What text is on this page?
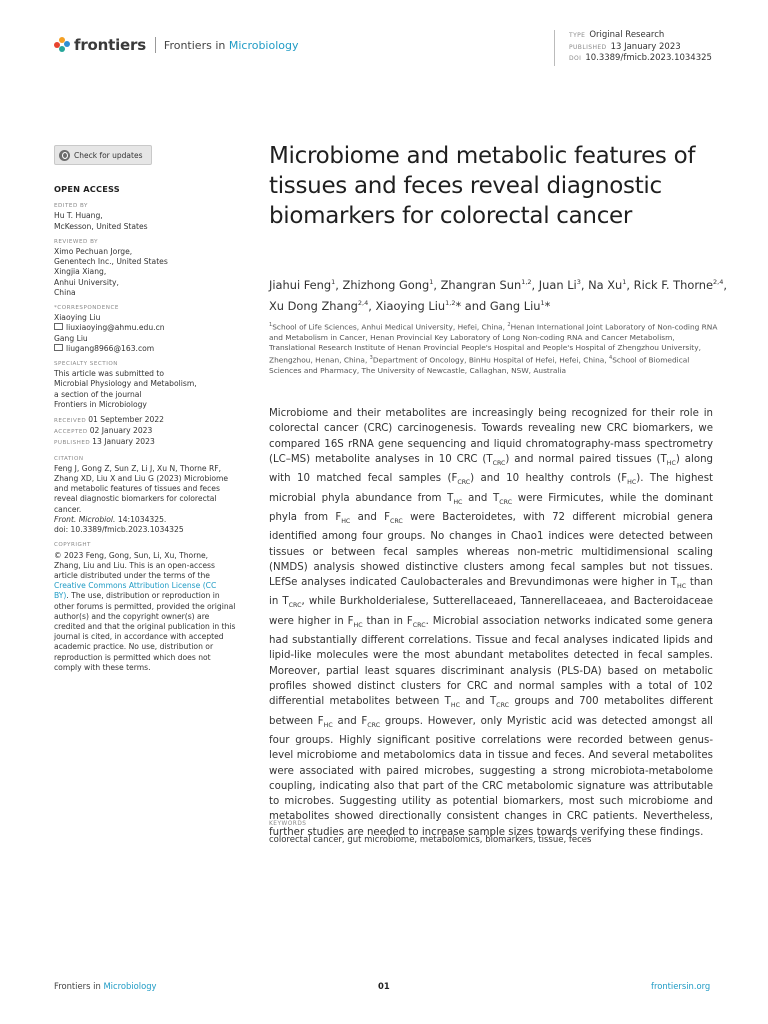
frontiers Frontiers in Microbiology
TYPE Original Research
PUBLISHED 13 January 2023
DOI 10.3389/fmicb.2023.1034325
Check for updates
OPEN ACCESS
EDITED BY
Hu T. Huang,
McKesson, United States
REVIEWED BY
Ximo Pechuan Jorge,
Genentech Inc., United States
Xingjia Xiang,
Anhui University,
China
*CORRESPONDENCE
Xiaoying Liu
liuxiaoying@ahmu.edu.cn
Gang Liu
liugang8966@163.com
SPECIALTY SECTION
This article was submitted to
Microbial Physiology and Metabolism,
a section of the journal
Frontiers in Microbiology
RECEIVED 01 September 2022
ACCEPTED 02 January 2023
PUBLISHED 13 January 2023
CITATION
Feng J, Gong Z, Sun Z, Li J, Xu N, Thorne RF,
Zhang XD, Liu X and Liu G (2023) Microbiome
and metabolic features of tissues and feces
reveal diagnostic biomarkers for colorectal
cancer.
Front. Microbiol. 14:1034325.
doi: 10.3389/fmicb.2023.1034325
COPYRIGHT
© 2023 Feng, Gong, Sun, Li, Xu, Thorne,
Zhang, Liu and Liu. This is an open-access
article distributed under the terms of the
Creative Commons Attribution License (CC
BY). The use, distribution or reproduction in
other forums is permitted, provided the original
author(s) and the copyright owner(s) are
credited and that the original publication in this
journal is cited, in accordance with accepted
academic practice. No use, distribution or
reproduction is permitted which does not
comply with these terms.
Microbiome and metabolic features of tissues and feces reveal diagnostic biomarkers for colorectal cancer
Jiahui Feng$^1$, Zhizhong Gong$^1$, Zhangran Sun$^{1,2}$, Juan Li$^3$, Na Xu$^1$, Rick F. Thorne$^{2,4}$, Xu Dong Zhang$^{2,4}$, Xiaoying Liu$^{1,2}$* and Gang Liu$^1$*
$^1$School of Life Sciences, Anhui Medical University, Hefei, China, $^2$Henan International Joint Laboratory of Non-coding RNA and Metabolism in Cancer, Henan Provincial Key Laboratory of Long Non-coding RNA and Cancer Metabolism, Translational Research Institute of Henan Provincial People's Hospital and People's Hospital of Zhengzhou University, Zhengzhou, Henan, China, $^3$Department of Oncology, BinHu Hospital of Hefei, Hefei, China, $^4$School of Biomedical Sciences and Pharmacy, The University of Newcastle, Callaghan, NSW, Australia
Microbiome and their metabolites are increasingly being recognized for their role in colorectal cancer (CRC) carcinogenesis. Towards revealing new CRC biomarkers, we compared 16S rRNA gene sequencing and liquid chromatography-mass spectrometry (LC–MS) metabolite analyses in 10 CRC $(T_{CRC})$ and normal paired tissues $(T_{HC})$ along with 10 matched fecal samples $(F_{CRC})$ and 10 healthy controls $(F_{HC})$. The highest microbial phyla abundance from $T_{HC}$ and $T_{CRC}$ were Firmicutes, while the dominant phyla from $F_{HC}$ and $F_{CRC}$ were Bacteroidetes, with 72 different microbial genera identified among four groups. No changes in Chao1 indices were detected between tissues or between fecal samples whereas non-metric multidimensional scaling (NMDS) analysis showed distinctive clusters among fecal samples but not tissues. LEfSe analyses indicated Caulobacterales and Brevundimonas were higher in $T_{HC}$ than in $T_{CRC}$, while Burkholderialese, Sutterellaceaed, Tannerellaceaea, and Bacteroidaceae were higher in $F_{HC}$ than in $F_{CRC}$. Microbial association networks indicated some genera had substantially different correlations. Tissue and fecal analyses indicated lipids and lipid-like molecules were the most abundant metabolites detected in fecal samples. Moreover, partial least squares discriminant analysis (PLS-DA) based on metabolic profiles showed distinct clusters for CRC and normal samples with a total of 102 differential metabolites between $T_{HC}$ and $T_{CRC}$ groups and 700 metabolites different between $F_{HC}$ and $F_{CRC}$ groups. However, only Myristic acid was detected amongst all four groups. Highly significant positive correlations were recorded between genus-level microbiome and metabolomics data in tissue and feces. And several metabolites were associated with paired microbes, suggesting a strong microbiota-metabolome coupling, indicating also that part of the CRC metabolomic signature was attributable to microbes. Suggesting utility as potential biomarkers, most such microbiome and metabolites showed directionally consistent changes in CRC patients. Nevertheless, further studies are needed to increase sample sizes towards verifying these findings.
KEYWORDS
colorectal cancer, gut microbiome, metabolomics, biomarkers, tissue, feces
Frontiers in Microbiology	01	frontiersin.org
